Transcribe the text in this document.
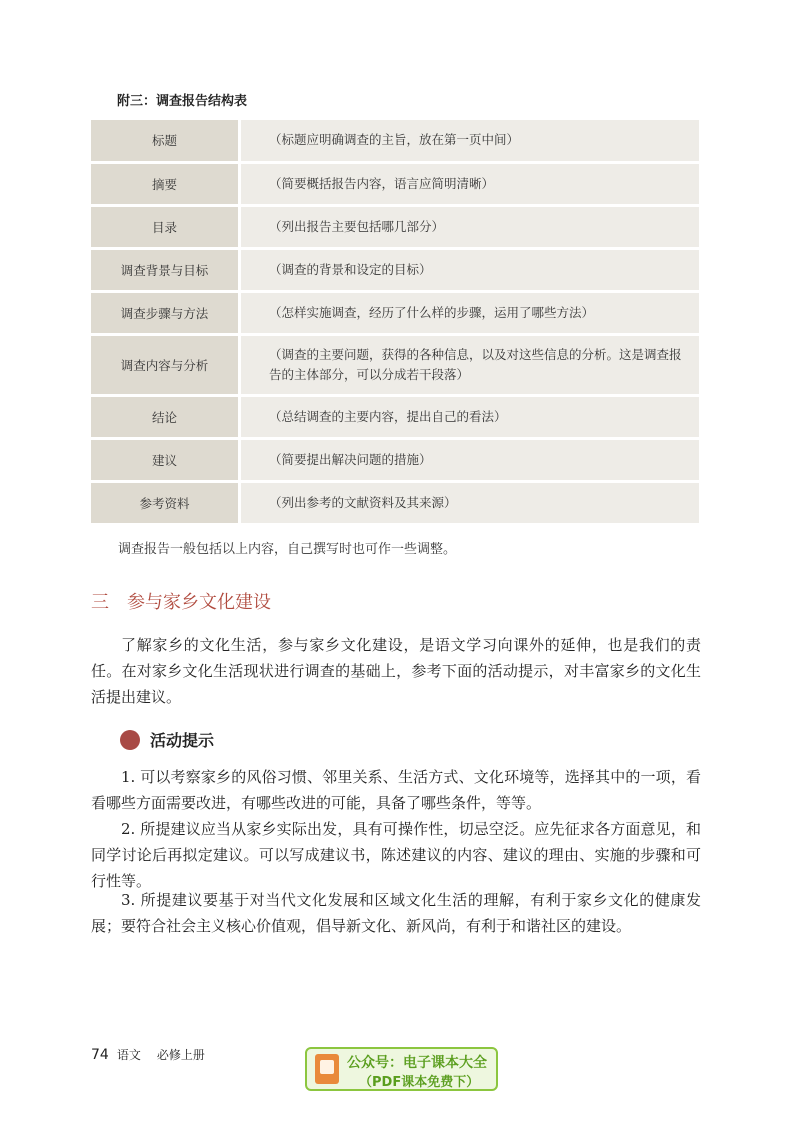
附三：调查报告结构表
标题	（标题应明确调查的主旨，放在第一页中间）
摘要	（简要概括报告内容，语言应简明清晰）
目录	（列出报告主要包括哪几部分）
调查背景与目标	（调查的背景和设定的目标）
调查步骤与方法	（怎样实施调查，经历了什么样的步骤，运用了哪些方法）
调查内容与分析	（调查的主要问题，获得的各种信息，以及对这些信息的分析。这是调查报告的主体部分，可以分成若干段落）
结论	（总结调查的主要内容，提出自己的看法）
建议	（简要提出解决问题的措施）
参考资料	（列出参考的文献资料及其来源）
调查报告一般包括以上内容，自己撰写时也可作一些调整。
三 参与家乡文化建设
了解家乡的文化生活，参与家乡文化建设，是语文学习向课外的延伸，也是我们的责任。在对家乡文化生活现状进行调查的基础上，参考下面的活动提示，对丰富家乡的文化生活提出建议。
活动提示
1. 可以考察家乡的风俗习惯、邻里关系、生活方式、文化环境等，选择其中的一项，看看哪些方面需要改进，有哪些改进的可能，具备了哪些条件，等等。
2. 所提建议应当从家乡实际出发，具有可操作性，切忌空泛。应先征求各方面意见，和同学讨论后再拟定建议。可以写成建议书，陈述建议的内容、建议的理由、实施的步骤和可行性等。
3. 所提建议要基于对当代文化发展和区域文化生活的理解，有利于家乡文化的健康发展；要符合社会主义核心价值观，倡导新文化、新风尚，有利于和谐社区的建设。
74 语文 必修上册	公众号：电子课本大全
（PDF课本免费下）
